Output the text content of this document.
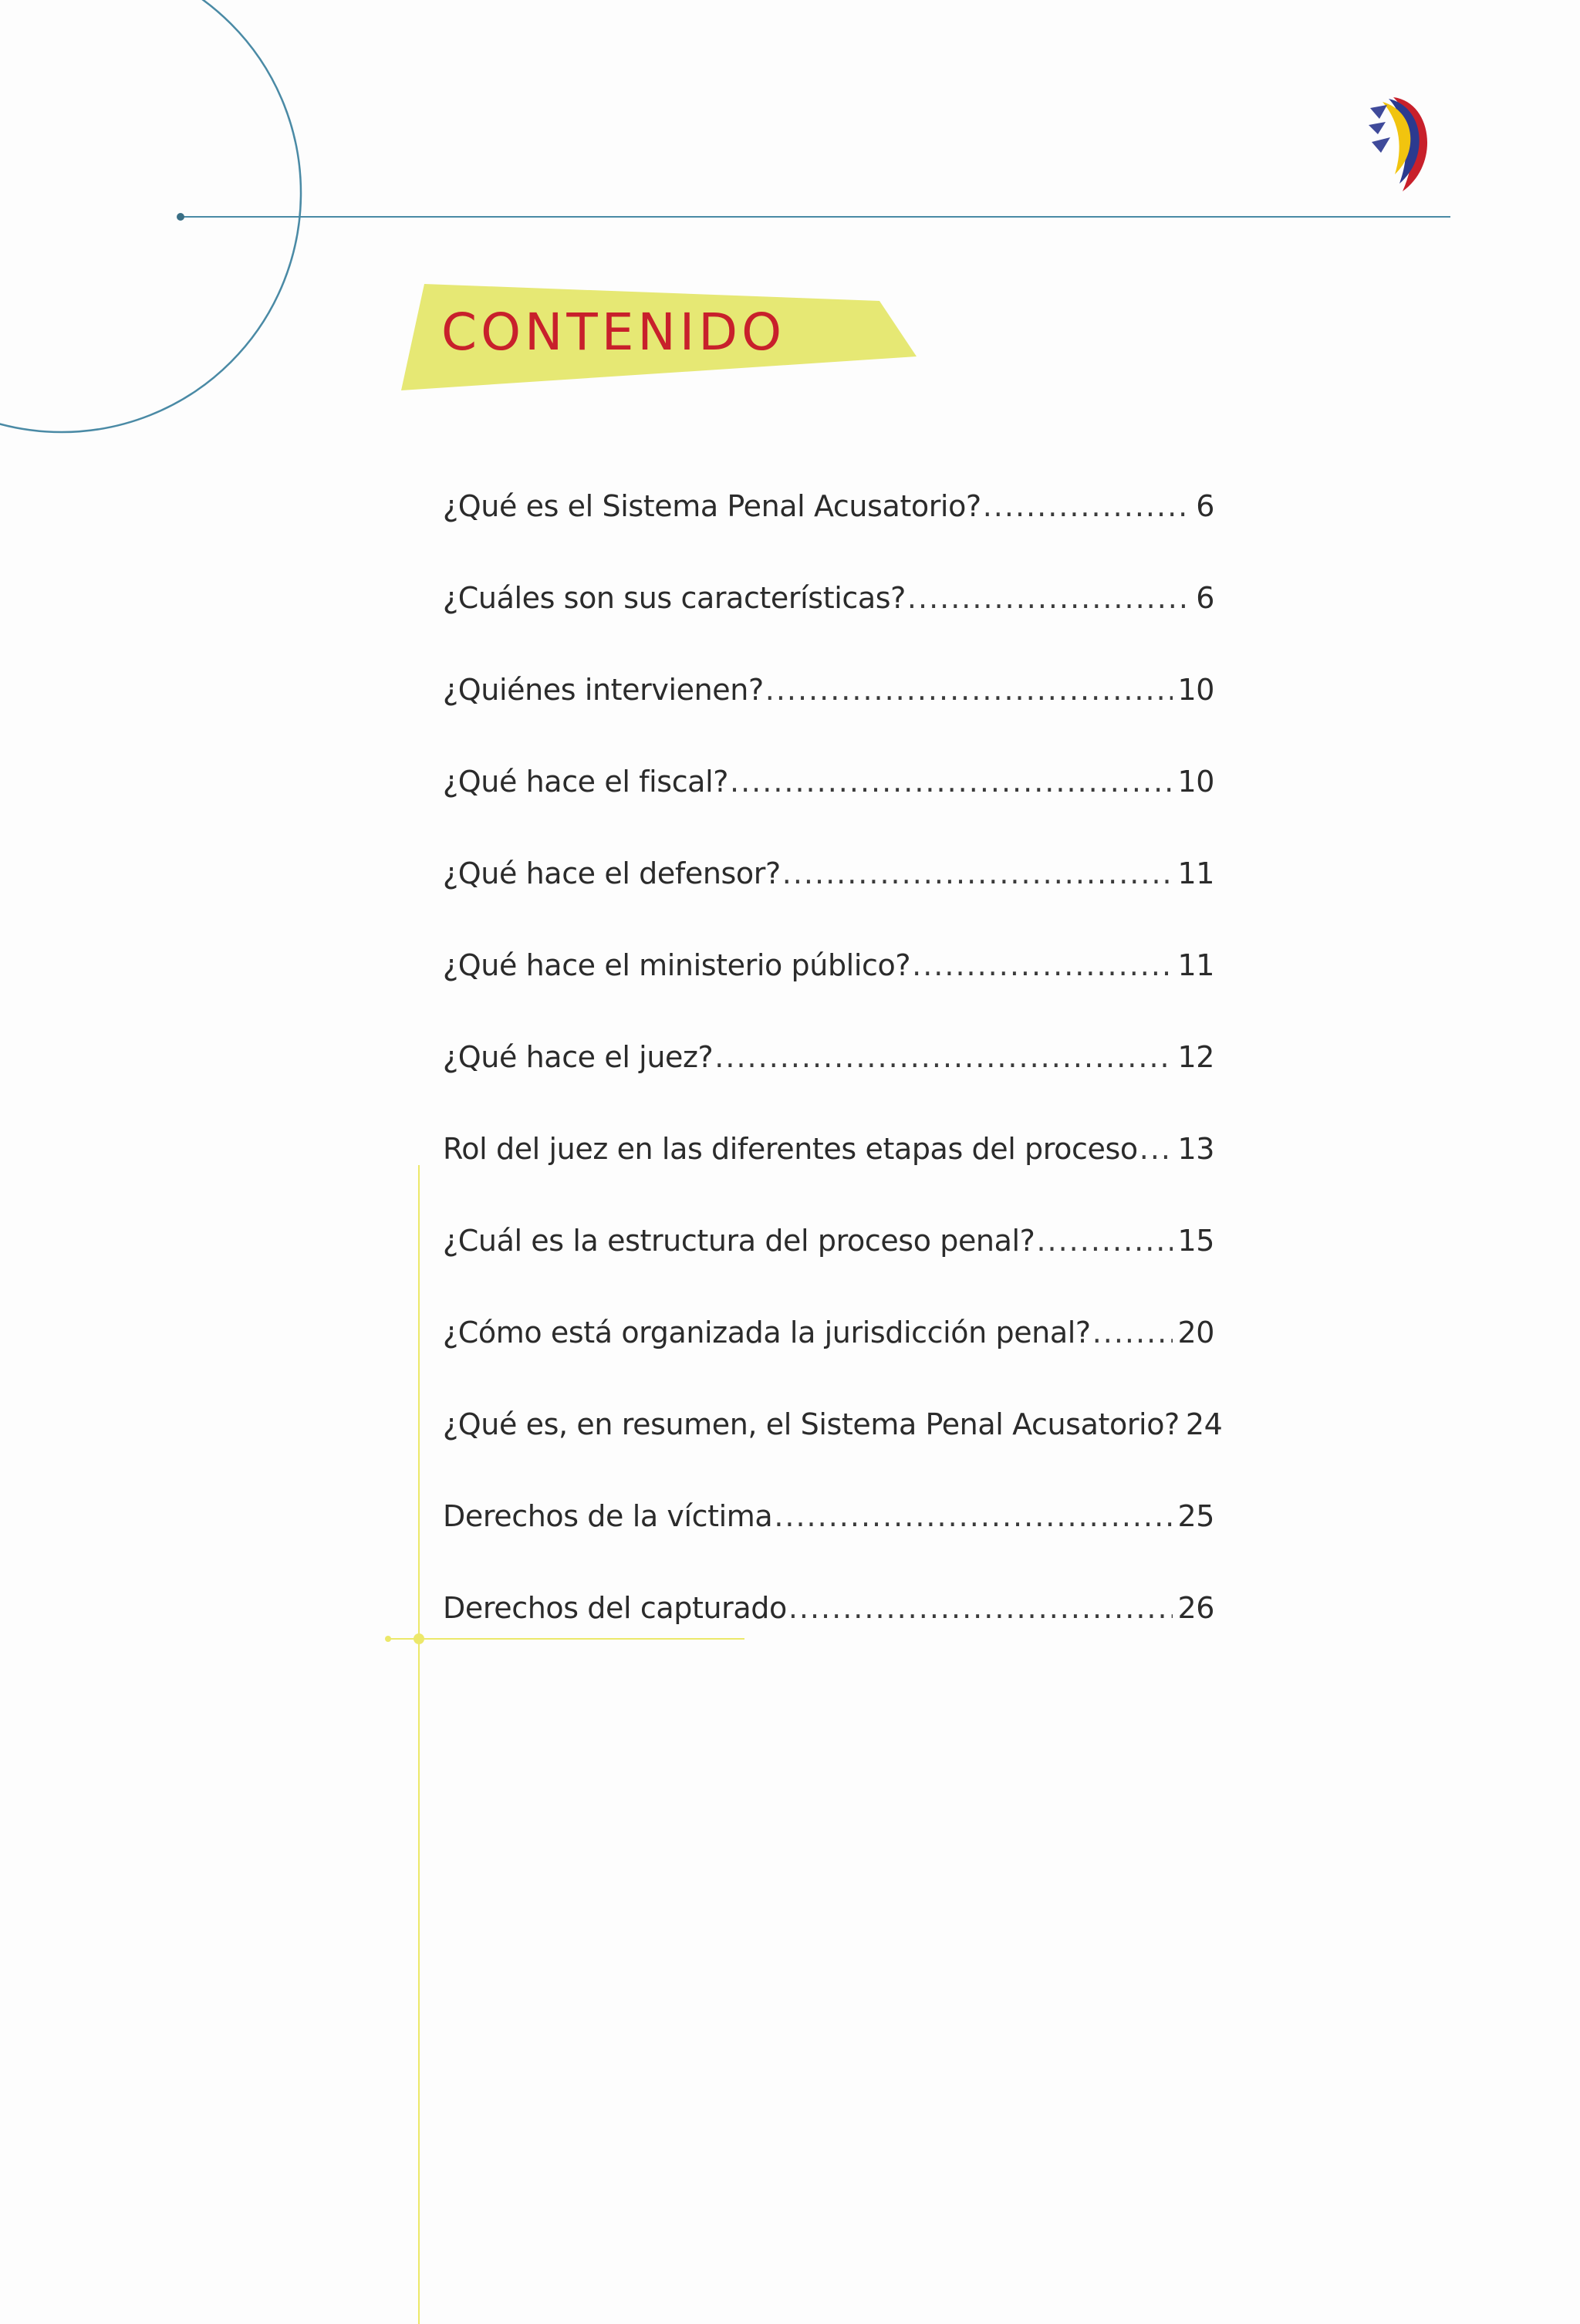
CONTENIDO
¿Qué es el Sistema Penal Acusatorio? .....	6
¿Cuáles son sus características? .....	6
¿Quiénes intervienen? .....	10
¿Qué hace el fiscal? .....	10
¿Qué hace el defensor? .....	11
¿Qué hace el ministerio público? .....	11
¿Qué hace el juez? .....	12
Rol del juez en las diferentes etapas del proceso ..... 13
¿Cuál es la estructura del proceso penal? .....	15
¿Cómo está organizada la jurisdicción penal? .....	20
¿Qué es, en resumen, el Sistema Penal Acusatorio? 24
Derechos de la víctima .....	25
Derechos del capturado .....	26
